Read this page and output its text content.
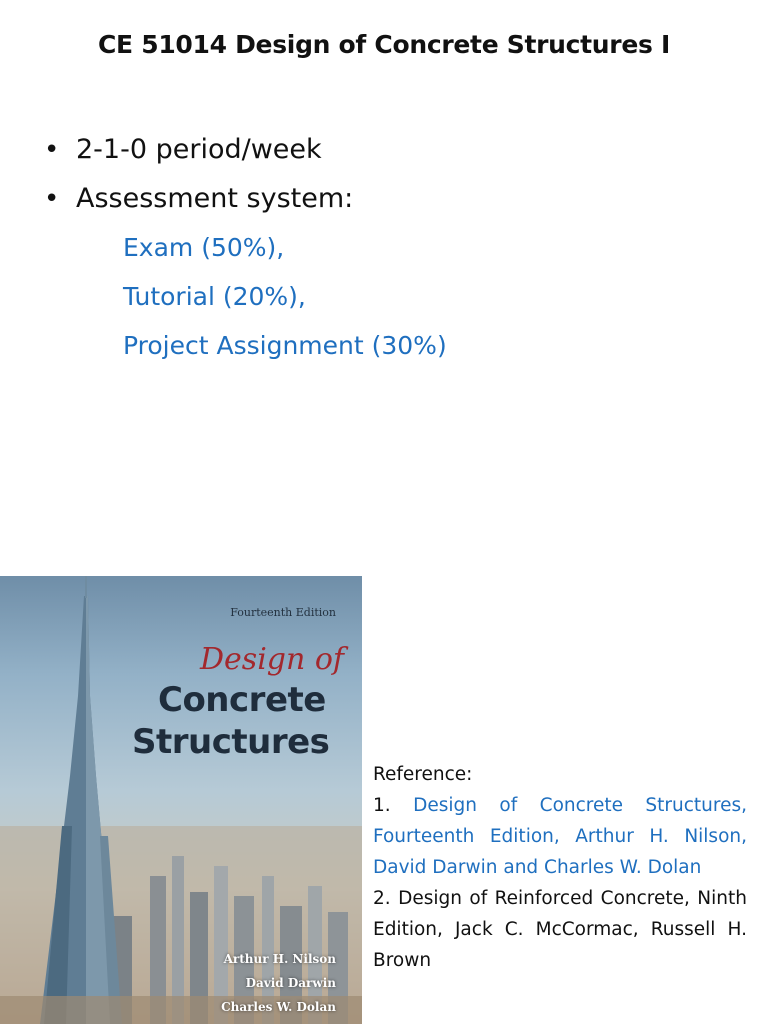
CE 51014 Design of Concrete Structures I
• 2-1-0 period/week
• Assessment system:
Exam (50%),
Tutorial (20%),
Project Assignment (30%)
Fourteenth Edition
Design of
Concrete
Structures
Arthur H. Nilson
David Darwin
Charles W. Dolan

Reference:

1. Design of Concrete Structures, Fourteenth Edition, Arthur H. Nilson, David Darwin and Charles W. Dolan

2. Design of Reinforced Concrete, Ninth Edition, Jack C. McCormac, Russell H. Brown
